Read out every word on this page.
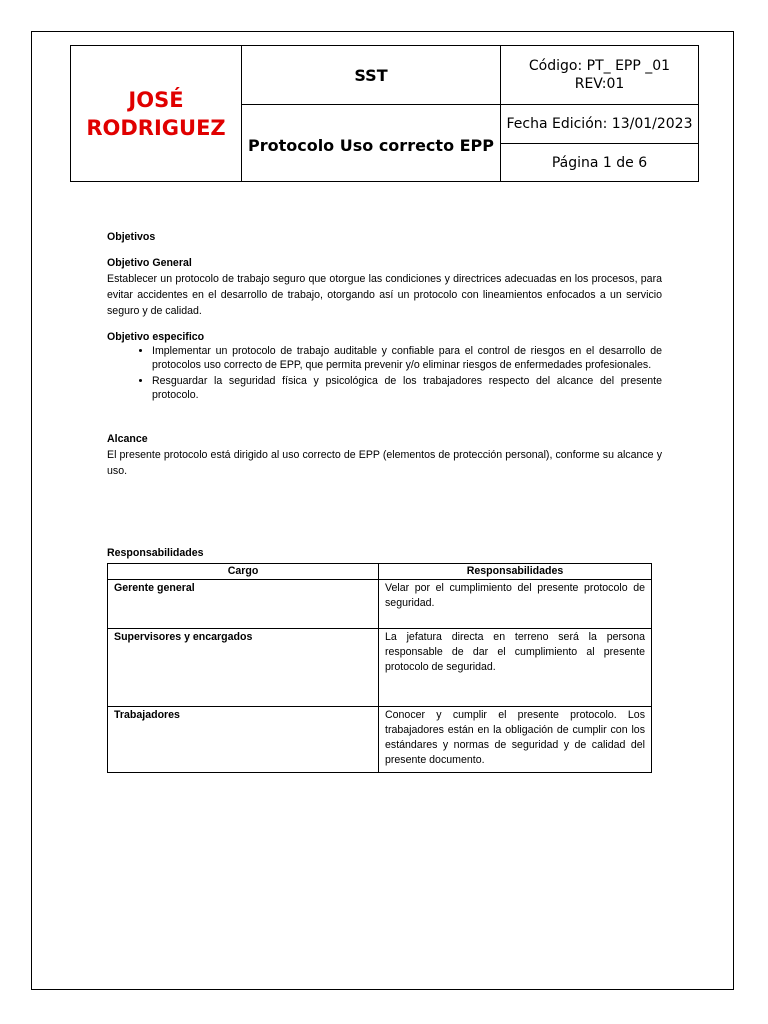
JOSÉ RODRIGUEZ	SST	Código: PT_ EPP _01
REV:01

	Protocolo Uso correcto EPP	Fecha Edición: 13/01/2023

		Página 1 de 6
Objetivos
Objetivo General

Establecer un protocolo de trabajo seguro que otorgue las condiciones y directrices adecuadas en los procesos, para evitar accidentes en el desarrollo de trabajo, otorgando así un protocolo con lineamientos enfocados a un servicio seguro y de calidad.

Objetivo especifico
• Implementar un protocolo de trabajo auditable y confiable para el control de riesgos en el desarrollo de protocolos uso correcto de EPP, que permita prevenir y/o eliminar riesgos de enfermedades profesionales.
• Resguardar la seguridad física y psicológica de los trabajadores respecto del alcance del presente protocolo.
Alcance

El presente protocolo está dirigido al uso correcto de EPP (elementos de protección personal), conforme su alcance y uso.

Responsabilidades
Cargo	Responsabilidades
Gerente general	Velar por el cumplimiento del presente protocolo de seguridad.
Supervisores y encargados	La jefatura directa en terreno será la persona responsable de dar el cumplimiento al presente protocolo de seguridad.
Trabajadores	Conocer y cumplir el presente protocolo. Los trabajadores están en la obligación de cumplir con los estándares y normas de seguridad y de calidad del presente documento.
